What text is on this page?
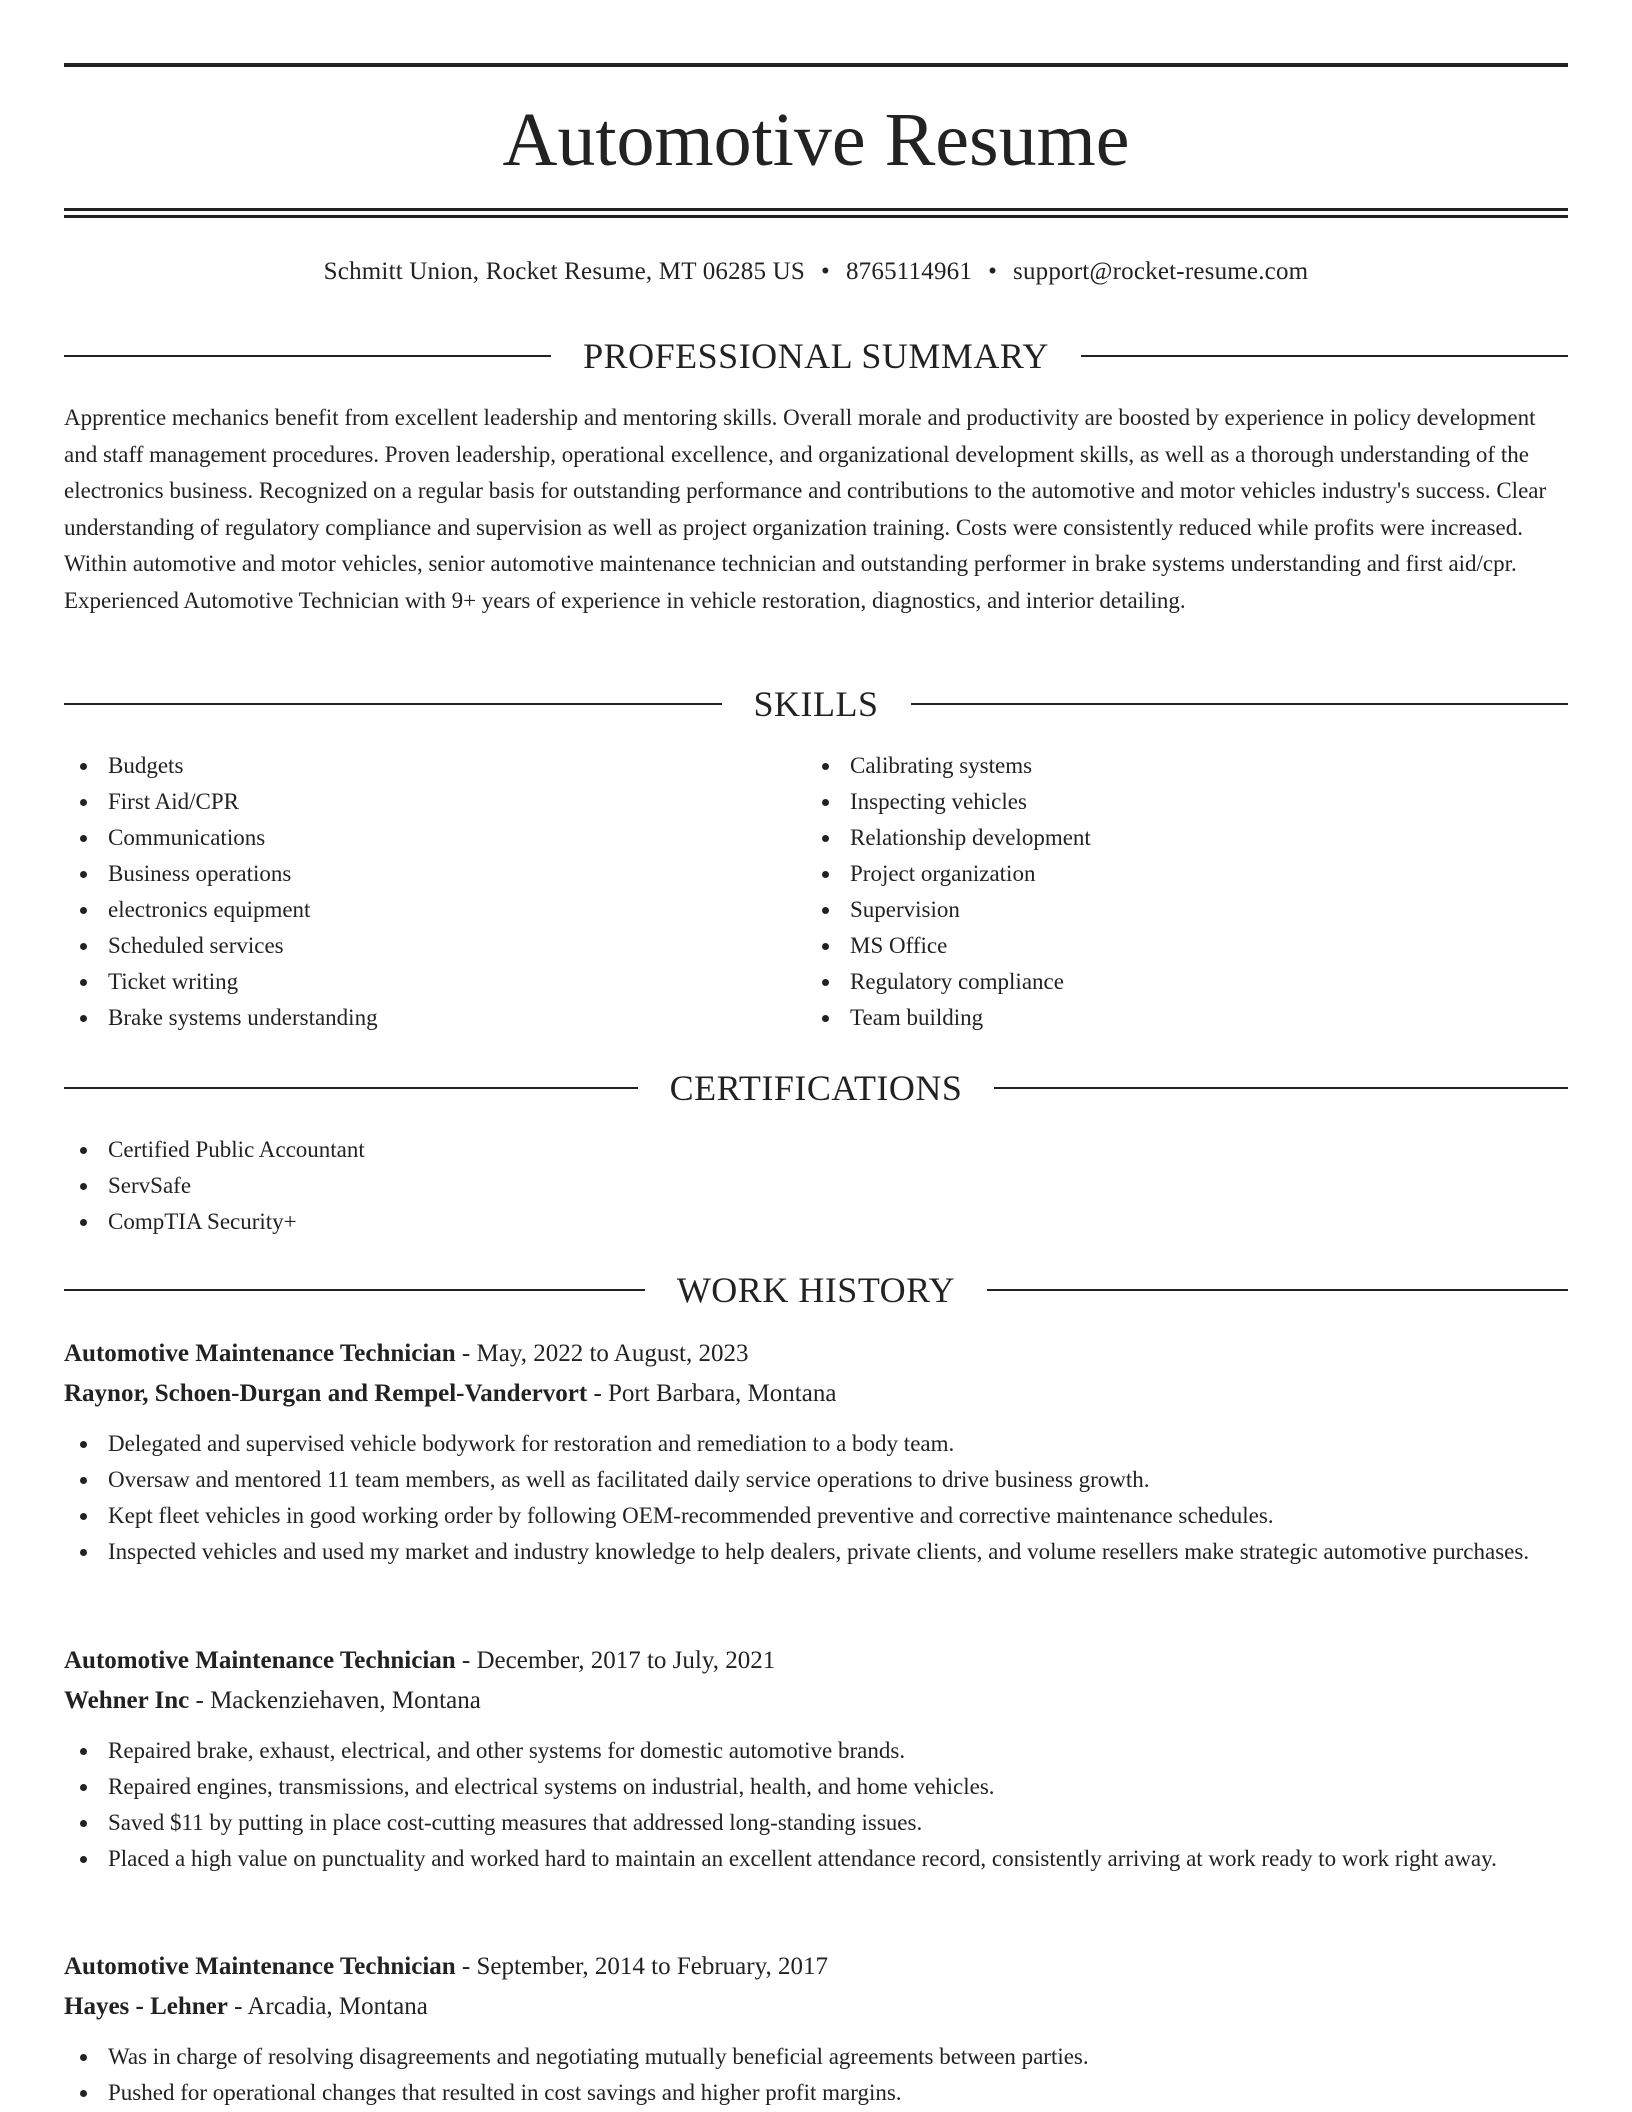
Automotive Resume
Schmitt Union, Rocket Resume, MT 06285 US • 8765114961 • support@rocket-resume.com
PROFESSIONAL SUMMARY

Apprentice mechanics benefit from excellent leadership and mentoring skills. Overall morale and productivity are boosted by experience in policy development and staff management procedures. Proven leadership, operational excellence, and organizational development skills, as well as a thorough understanding of the electronics business. Recognized on a regular basis for outstanding performance and contributions to the automotive and motor vehicles industry's success. Clear understanding of regulatory compliance and supervision as well as project organization training. Costs were consistently reduced while profits were increased. Within automotive and motor vehicles, senior automotive maintenance technician and outstanding performer in brake systems understanding and first aid/cpr. Experienced Automotive Technician with 9+ years of experience in vehicle restoration, diagnostics, and interior detailing.

SKILLS
Budgets
First Aid/CPR
Communications
Business operations
electronics equipment
Scheduled services
Ticket writing
Brake systems understanding
Calibrating systems
Inspecting vehicles
Relationship development
Project organization
Supervision
MS Office
Regulatory compliance
Team building
CERTIFICATIONS
Certified Public Accountant
ServSafe
CompTIA Security+
WORK HISTORY
Automotive Maintenance Technician - May, 2022 to August, 2023
Raynor, Schoen-Durgan and Rempel-Vandervort - Port Barbara, Montana
Delegated and supervised vehicle bodywork for restoration and remediation to a body team.
Oversaw and mentored 11 team members, as well as facilitated daily service operations to drive business growth.
Kept fleet vehicles in good working order by following OEM-recommended preventive and corrective maintenance schedules.
Inspected vehicles and used my market and industry knowledge to help dealers, private clients, and volume resellers make strategic automotive purchases.
Automotive Maintenance Technician - December, 2017 to July, 2021
Wehner Inc - Mackenziehaven, Montana
Repaired brake, exhaust, electrical, and other systems for domestic automotive brands.
Repaired engines, transmissions, and electrical systems on industrial, health, and home vehicles.
Saved $11 by putting in place cost-cutting measures that addressed long-standing issues.
Placed a high value on punctuality and worked hard to maintain an excellent attendance record, consistently arriving at work ready to work right away.
Automotive Maintenance Technician - September, 2014 to February, 2017
Hayes - Lehner - Arcadia, Montana
Was in charge of resolving disagreements and negotiating mutually beneficial agreements between parties.
Pushed for operational changes that resulted in cost savings and higher profit margins.
